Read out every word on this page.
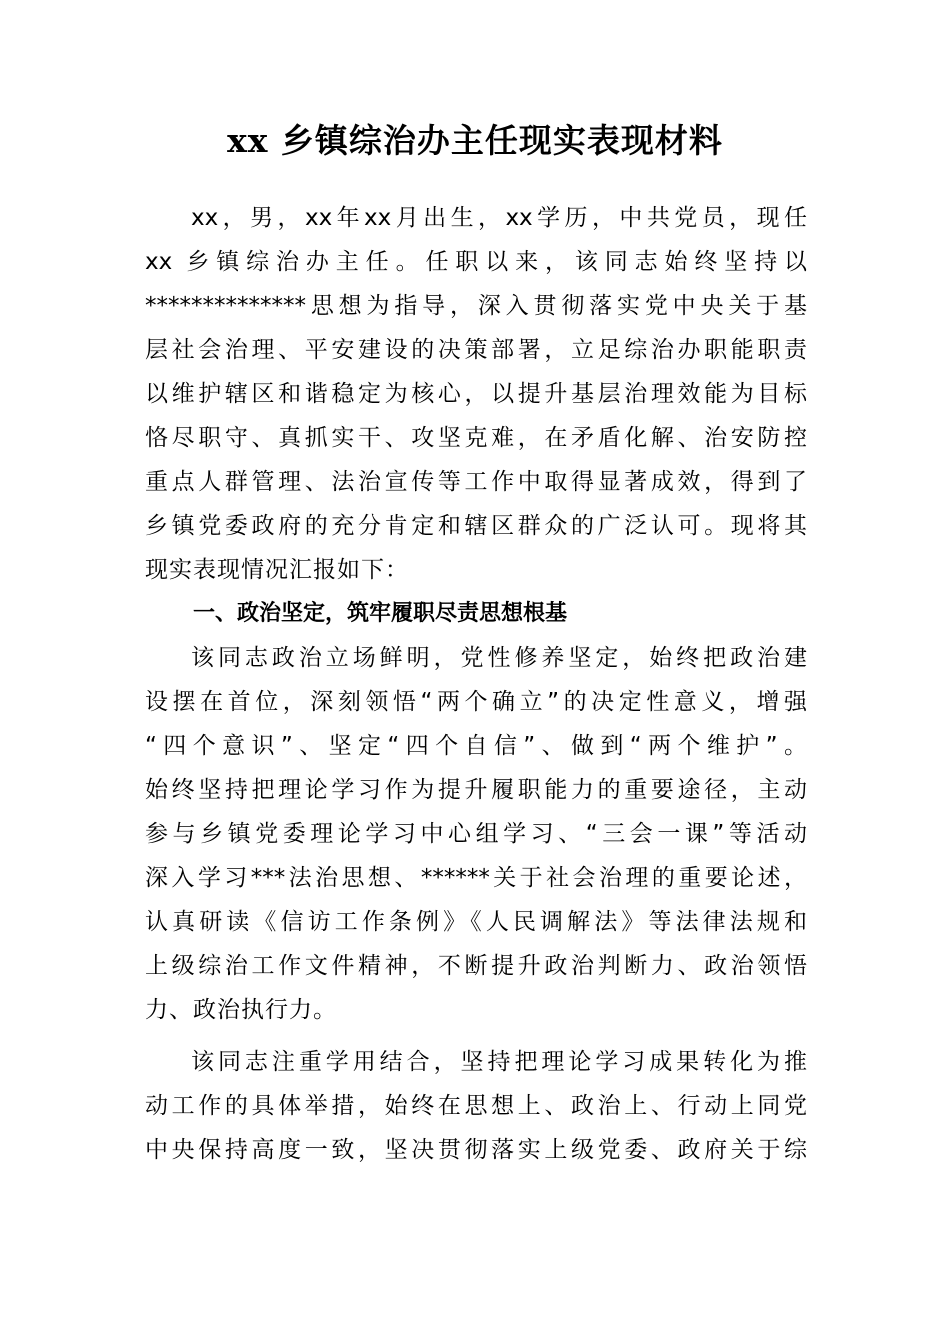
xx 乡镇综治办主任现实表现材料
xx，男，xx年xx月出生，xx学历，中共党员，现任
xx 乡镇综治办主任。任职以来，该同志始终坚持以
**************思想为指导，深入贯彻落实党中央关于基
层社会治理、平安建设的决策部署，立足综治办职能职责
以维护辖区和谐稳定为核心，以提升基层治理效能为目标
恪尽职守、真抓实干、攻坚克难，在矛盾化解、治安防控
重点人群管理、法治宣传等工作中取得显著成效，得到了
乡镇党委政府的充分肯定和辖区群众的广泛认可。现将其
现实表现情况汇报如下：
一、政治坚定，筑牢履职尽责思想根基
该同志政治立场鲜明，党性修养坚定，始终把政治建
设摆在首位，深刻领悟“两个确立”的决定性意义，增强
“四个意识”、坚定“四个自信”、做到“两个维护”。
始终坚持把理论学习作为提升履职能力的重要途径，主动
参与乡镇党委理论学习中心组学习、“三会一课”等活动
深入学习***法治思想、******关于社会治理的重要论述，
认真研读《信访工作条例》《人民调解法》等法律法规和
上级综治工作文件精神，不断提升政治判断力、政治领悟
力、政治执行力。
该同志注重学用结合，坚持把理论学习成果转化为推
动工作的具体举措，始终在思想上、政治上、行动上同党
中央保持高度一致，坚决贯彻落实上级党委、政府关于综
